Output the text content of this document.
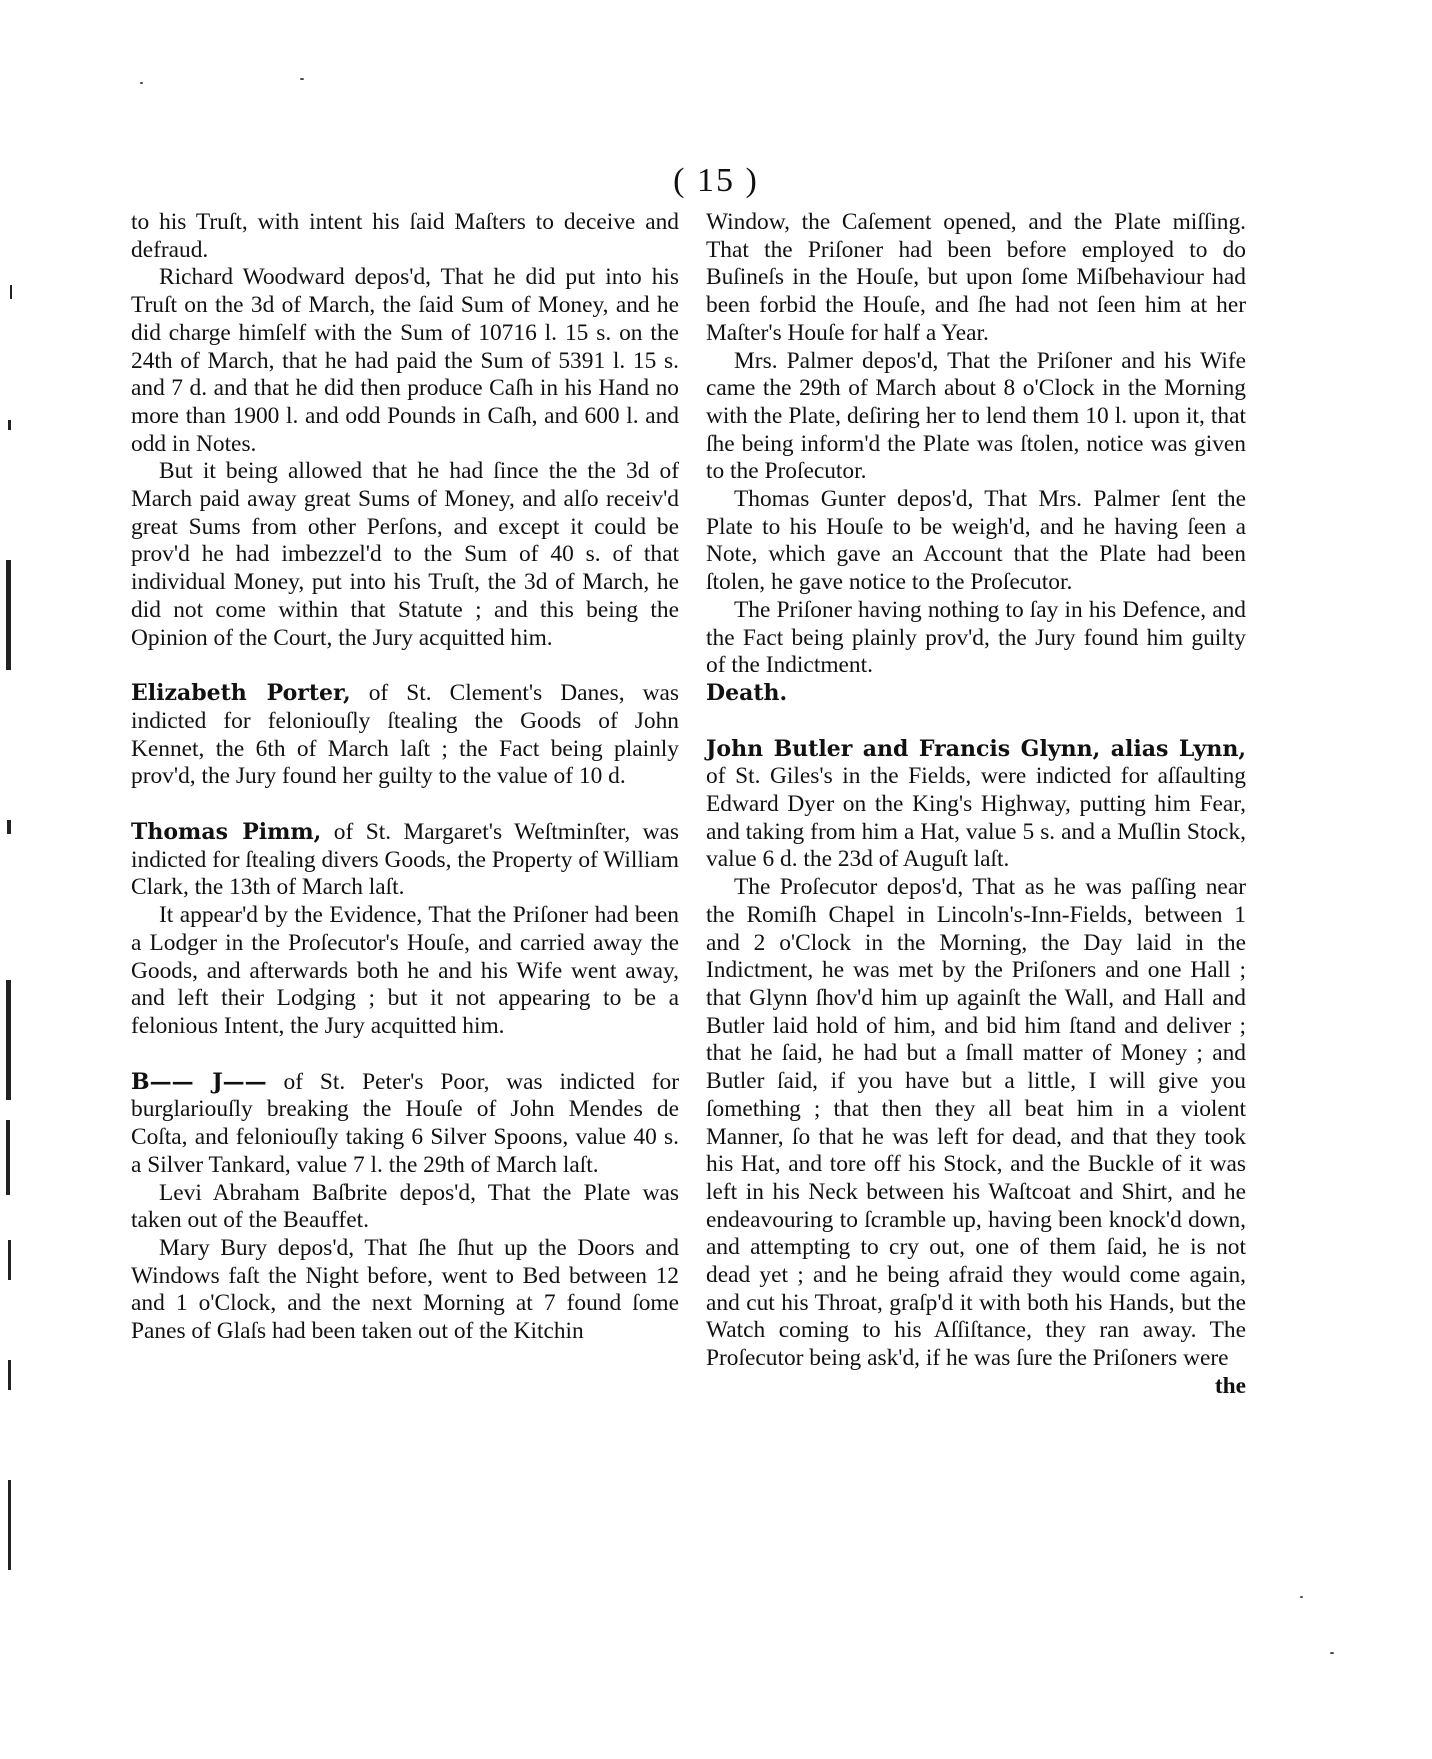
( 15 )

to his Truſt, with intent his ſaid Maſters to deceive and defraud.

Richard Woodward depos'd, That he did put into his Truſt on the 3d of March, the ſaid Sum of Money, and he did charge himſelf with the Sum of 10716 l. 15 s. on the 24th of March, that he had paid the Sum of 5391 l. 15 s. and 7 d. and that he did then produce Caſh in his Hand no more than 1900 l. and odd Pounds in Caſh, and 600 l. and odd in Notes.

But it being allowed that he had ſince the the 3d of March paid away great Sums of Money, and alſo receiv'd great Sums from other Perſons, and except it could be prov'd he had imbezzel'd to the Sum of 40 s. of that individual Money, put into his Truſt, the 3d of March, he did not come within that Statute ; and this being the Opinion of the Court, the Jury acquitted him.

Elizabeth Porter, of St. Clement's Danes, was indicted for feloniouſly ſtealing the Goods of John Kennet, the 6th of March laſt ; the Fact being plainly prov'd, the Jury found her guilty to the value of 10 d.

Thomas Pimm, of St. Margaret's Weſtminſter, was indicted for ſtealing divers Goods, the Property of William Clark, the 13th of March laſt.

It appear'd by the Evidence, That the Priſoner had been a Lodger in the Proſecutor's Houſe, and carried away the Goods, and afterwards both he and his Wife went away, and left their Lodging ; but it not appearing to be a felonious Intent, the Jury acquitted him.

B—— J—— of St. Peter's Poor, was indicted for burglariouſly breaking the Houſe of John Mendes de Coſta, and feloniouſly taking 6 Silver Spoons, value 40 s. a Silver Tankard, value 7 l. the 29th of March laſt.

Levi Abraham Baſbrite depos'd, That the Plate was taken out of the Beauffet.

Mary Bury depos'd, That ſhe ſhut up the Doors and Windows faſt the Night before, went to Bed between 12 and 1 o'Clock, and the next Morning at 7 found ſome Panes of Glaſs had been taken out of the Kitchin

Window, the Caſement opened, and the Plate miſſing. That the Priſoner had been before employed to do Buſineſs in the Houſe, but upon ſome Miſbehaviour had been forbid the Houſe, and ſhe had not ſeen him at her Maſter's Houſe for half a Year.

Mrs. Palmer depos'd, That the Priſoner and his Wife came the 29th of March about 8 o'Clock in the Morning with the Plate, deſiring her to lend them 10 l. upon it, that ſhe being inform'd the Plate was ſtolen, notice was given to the Proſecutor.

Thomas Gunter depos'd, That Mrs. Palmer ſent the Plate to his Houſe to be weigh'd, and he having ſeen a Note, which gave an Account that the Plate had been ſtolen, he gave notice to the Proſecutor.

The Priſoner having nothing to ſay in his Defence, and the Fact being plainly prov'd, the Jury found him guilty of the Indictment.

Death.

John Butler and Francis Glynn, alias Lynn, of St. Giles's in the Fields, were indicted for aſſaulting Edward Dyer on the King's Highway, putting him Fear, and taking from him a Hat, value 5 s. and a Muſlin Stock, value 6 d. the 23d of Auguſt laſt.

The Proſecutor depos'd, That as he was paſſing near the Romiſh Chapel in Lincoln's-Inn-Fields, between 1 and 2 o'Clock in the Morning, the Day laid in the Indictment, he was met by the Priſoners and one Hall ; that Glynn ſhov'd him up againſt the Wall, and Hall and Butler laid hold of him, and bid him ſtand and deliver ; that he ſaid, he had but a ſmall matter of Money ; and Butler ſaid, if you have but a little, I will give you ſomething ; that then they all beat him in a violent Manner, ſo that he was left for dead, and that they took his Hat, and tore off his Stock, and the Buckle of it was left in his Neck between his Waſtcoat and Shirt, and he endeavouring to ſcramble up, having been knock'd down, and attempting to cry out, one of them ſaid, he is not dead yet ; and he being afraid they would come again, and cut his Throat, graſp'd it with both his Hands, but the Watch coming to his Aſſiſtance, they ran away. The Proſecutor being ask'd, if he was ſure the Priſoners were

the
